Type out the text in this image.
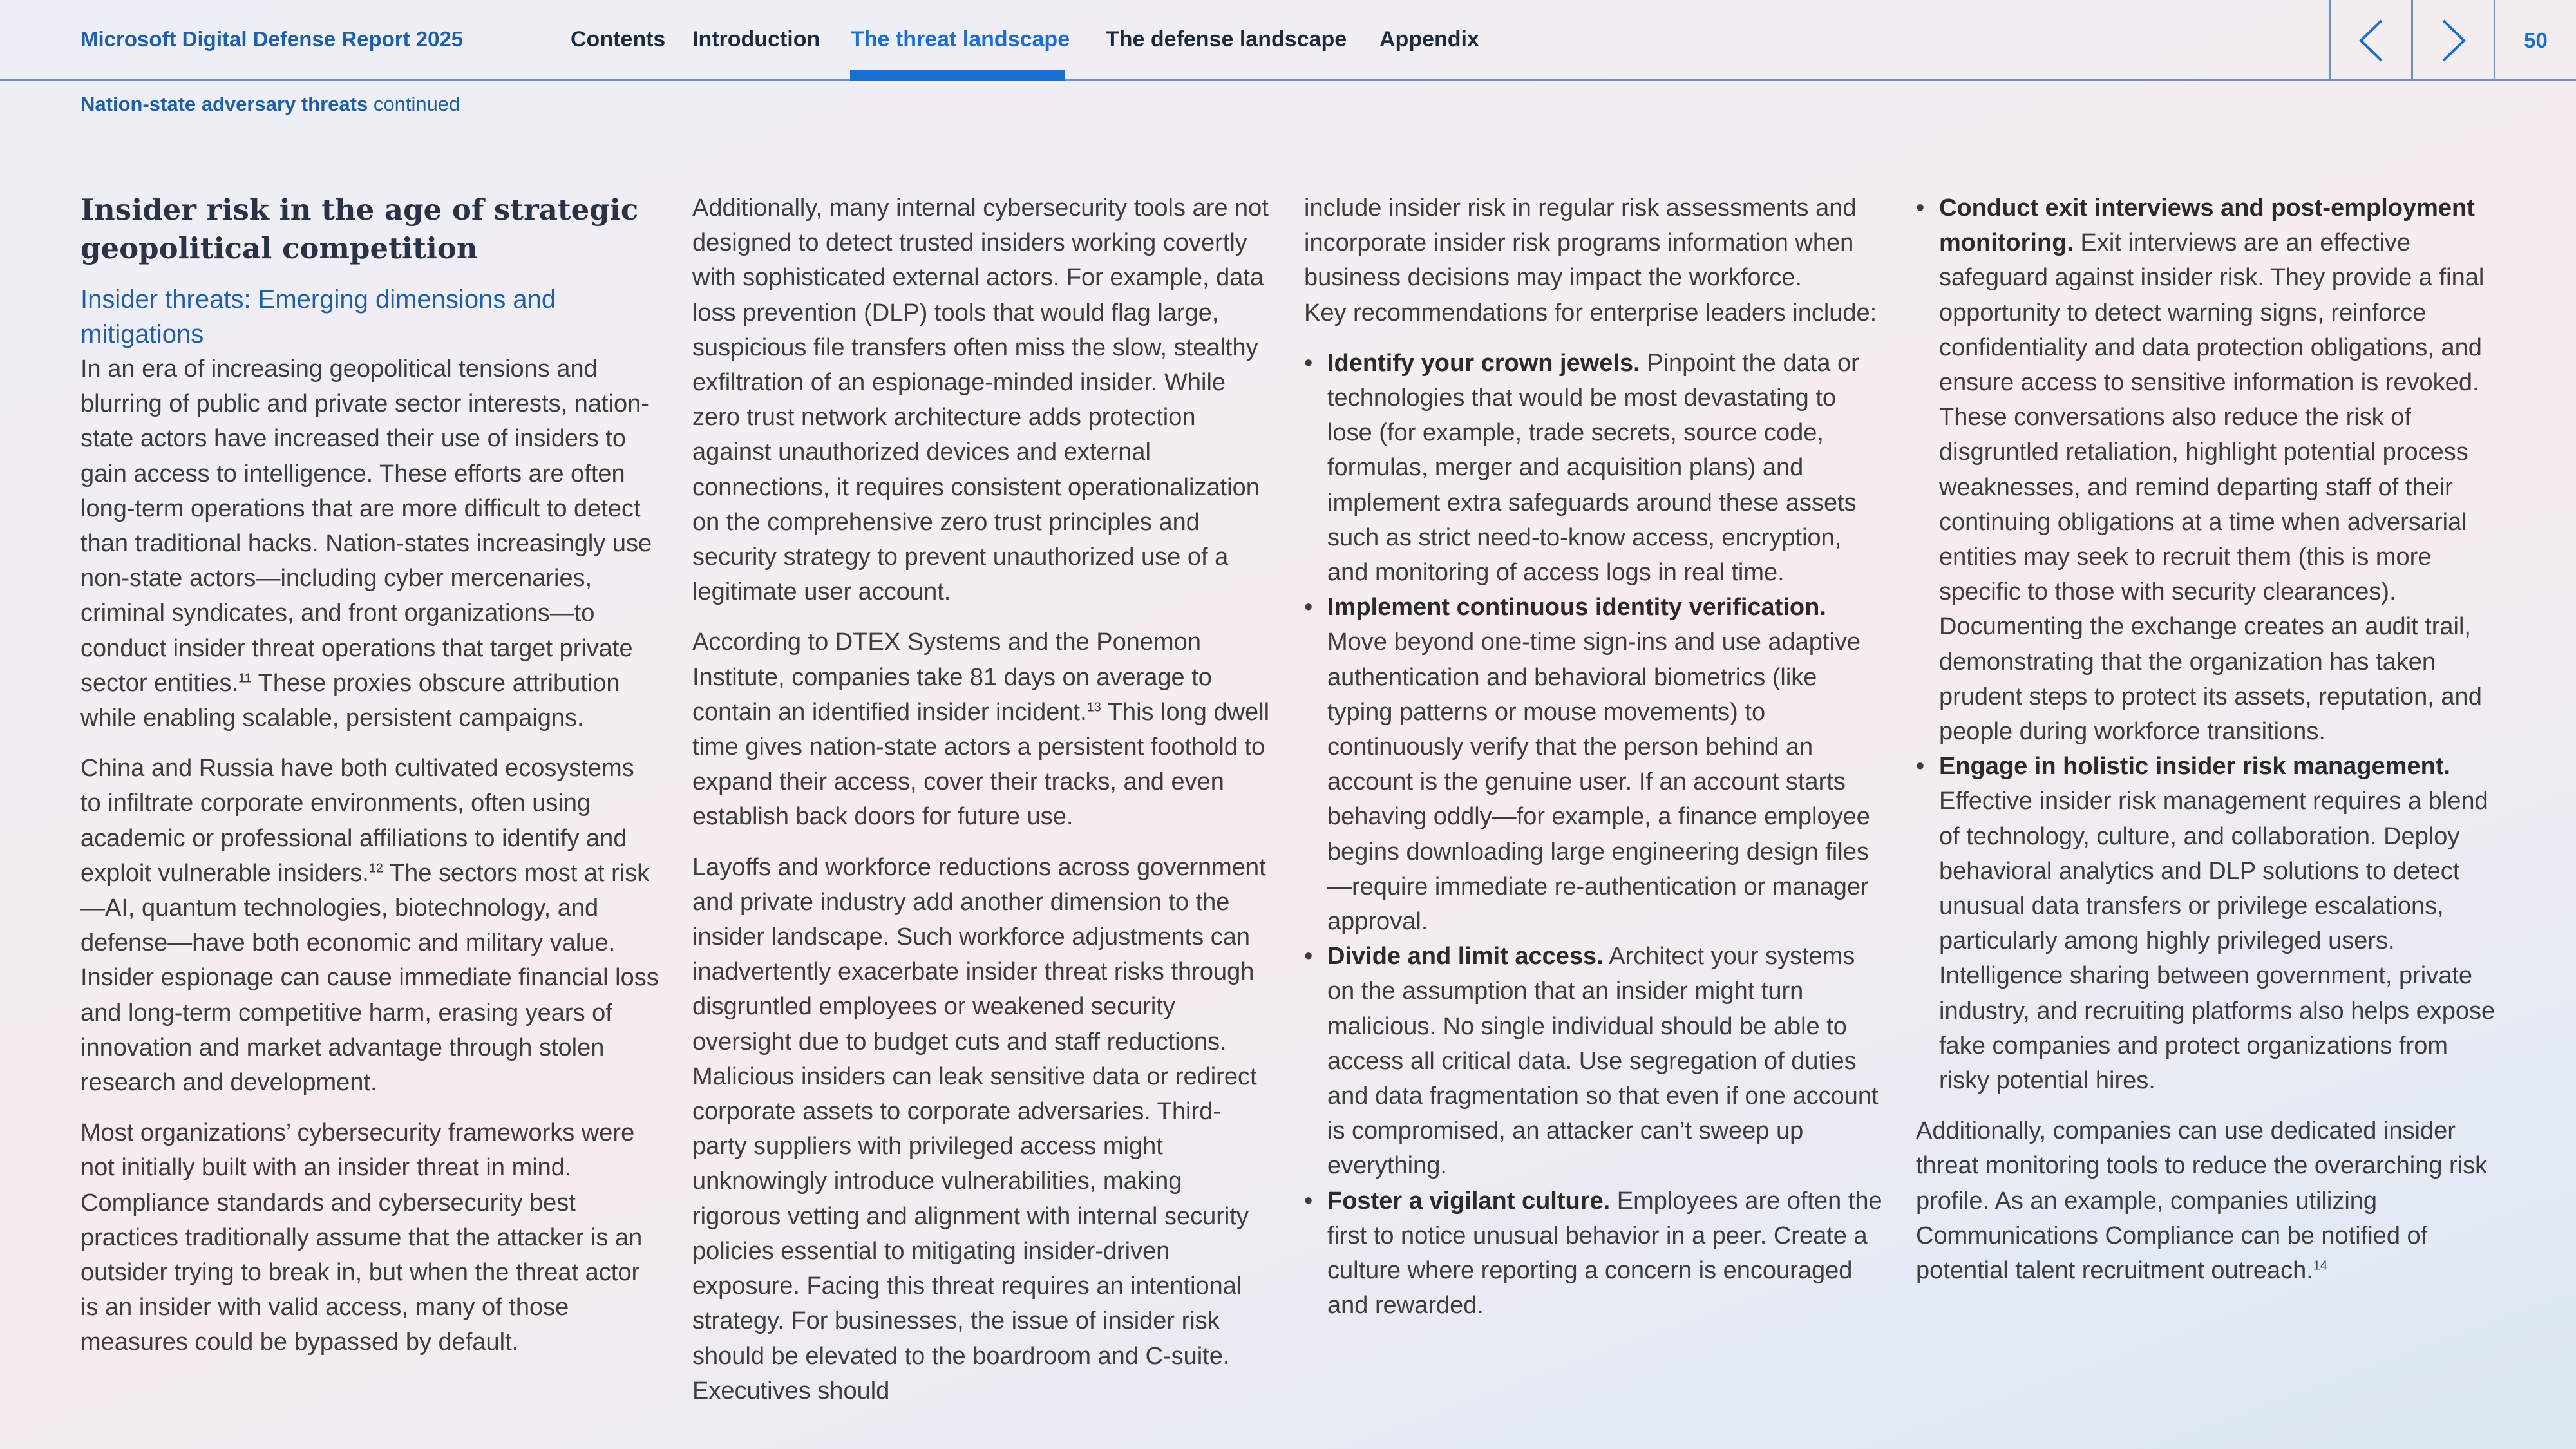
Microsoft Digital Defense Report 2025	Contents Introduction The threat landscape The defense landscape Appendix	50
Nation-state adversary threats continued
Insider risk in the age of strategic geopolitical competition
Insider threats: Emerging dimensions and mitigations

In an era of increasing geopolitical tensions and blurring of public and private sector interests, nation-state actors have increased their use of insiders to gain access to intelligence. These efforts are often long-term operations that are more difficult to detect than traditional hacks. Nation-states increasingly use non-state actors—including cyber mercenaries, criminal syndicates, and front organizations—to conduct insider threat operations that target private sector entities.$^{11}$ These proxies obscure attribution while enabling scalable, persistent campaigns.

China and Russia have both cultivated ecosystems to infiltrate corporate environments, often using academic or professional affiliations to identify and exploit vulnerable insiders.$^{12}$ The sectors most at risk—AI, quantum technologies, biotechnology, and defense—have both economic and military value. Insider espionage can cause immediate financial loss and long-term competitive harm, erasing years of innovation and market advantage through stolen research and development.

Most organizations’ cybersecurity frameworks were not initially built with an insider threat in mind. Compliance standards and cybersecurity best practices traditionally assume that the attacker is an outsider trying to break in, but when the threat actor is an insider with valid access, many of those measures could be bypassed by default.

Additionally, many internal cybersecurity tools are not designed to detect trusted insiders working covertly with sophisticated external actors. For example, data loss prevention (DLP) tools that would flag large, suspicious file transfers often miss the slow, stealthy exfiltration of an espionage-minded insider. While zero trust network architecture adds protection against unauthorized devices and external connections, it requires consistent operationalization on the comprehensive zero trust principles and security strategy to prevent unauthorized use of a legitimate user account.

According to DTEX Systems and the Ponemon Institute, companies take 81 days on average to contain an identified insider incident.$^{13}$ This long dwell time gives nation-state actors a persistent foothold to expand their access, cover their tracks, and even establish back doors for future use.

Layoffs and workforce reductions across government and private industry add another dimension to the insider landscape. Such workforce adjustments can inadvertently exacerbate insider threat risks through disgruntled employees or weakened security oversight due to budget cuts and staff reductions. Malicious insiders can leak sensitive data or redirect corporate assets to corporate adversaries. Third-party suppliers with privileged access might unknowingly introduce vulnerabilities, making rigorous vetting and alignment with internal security policies essential to mitigating insider-driven exposure. Facing this threat requires an intentional strategy. For businesses, the issue of insider risk should be elevated to the boardroom and C-suite. Executives should

include insider risk in regular risk assessments and incorporate insider risk programs information when business decisions may impact the workforce.

Key recommendations for enterprise leaders include:

• Identify your crown jewels. Pinpoint the data or technologies that would be most devastating to lose (for example, trade secrets, source code, formulas, merger and acquisition plans) and implement extra safeguards around these assets such as strict need-to-know access, encryption, and monitoring of access logs in real time.
• Implement continuous identity verification. Move beyond one-time sign-ins and use adaptive authentication and behavioral biometrics (like typing patterns or mouse movements) to continuously verify that the person behind an account is the genuine user. If an account starts behaving oddly—for example, a finance employee begins downloading large engineering design files—require immediate re-authentication or manager approval.
• Divide and limit access. Architect your systems on the assumption that an insider might turn malicious. No single individual should be able to access all critical data. Use segregation of duties and data fragmentation so that even if one account is compromised, an attacker can’t sweep up everything.
• Foster a vigilant culture. Employees are often the first to notice unusual behavior in a peer. Create a culture where reporting a concern is encouraged and rewarded.
• Conduct exit interviews and post-employment monitoring. Exit interviews are an effective safeguard against insider risk. They provide a final opportunity to detect warning signs, reinforce confidentiality and data protection obligations, and ensure access to sensitive information is revoked. These conversations also reduce the risk of disgruntled retaliation, highlight potential process weaknesses, and remind departing staff of their continuing obligations at a time when adversarial entities may seek to recruit them (this is more specific to those with security clearances). Documenting the exchange creates an audit trail, demonstrating that the organization has taken prudent steps to protect its assets, reputation, and people during workforce transitions.
• Engage in holistic insider risk management. Effective insider risk management requires a blend of technology, culture, and collaboration. Deploy behavioral analytics and DLP solutions to detect unusual data transfers or privilege escalations, particularly among highly privileged users. Intelligence sharing between government, private industry, and recruiting platforms also helps expose fake companies and protect organizations from risky potential hires.

Additionally, companies can use dedicated insider threat monitoring tools to reduce the overarching risk profile. As an example, companies utilizing Communications Compliance can be notified of potential talent recruitment outreach.$^{14}$
